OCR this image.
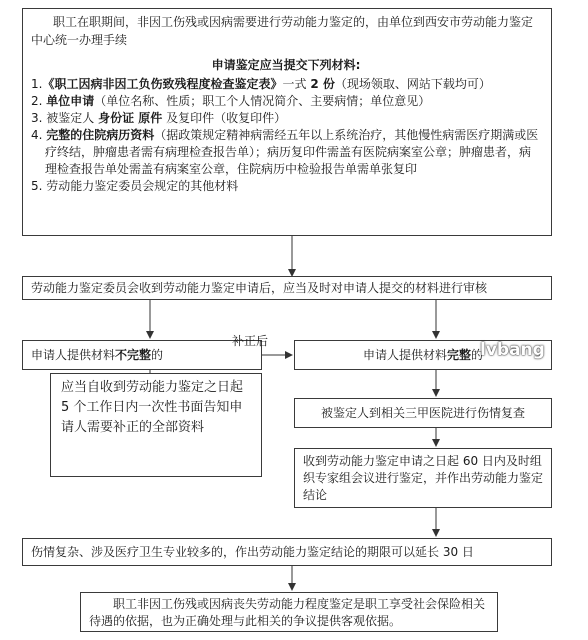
职工在职期间，非因工伤残或因病需要进行劳动能力鉴定的，由单位到西安市劳动能力鉴定中心统一办理手续
申请鉴定应当提交下列材料:
1.《职工因病非因工负伤致残程度检查鉴定表》一式 2 份（现场领取、网站下载均可）
2. 单位申请（单位名称、性质；职工个人情况简介、主要病情；单位意见）
3. 被鉴定人 身份证 原件 及复印件（收复印件）
4. 完整的住院病历资料（据政策规定精神病需经五年以上系统治疗，其他慢性病需医疗期满或医疗终结，肿瘤患者需有病理检查报告单）；病历复印件需盖有医院病案室公章；肿瘤患者，病理检查报告单处需盖有病案室公章，住院病历中检验报告单需单张复印
5. 劳动能力鉴定委员会规定的其他材料
劳动能力鉴定委员会收到劳动能力鉴定申请后，应当及时对申请人提交的材料进行审核
申请人提供材料不完整的
应当自收到劳动能力鉴定之日起 5 个工作日内一次性书面告知申请人需要补正的全部资料
补正后
申请人提供材料完整的
被鉴定人到相关三甲医院进行伤情复查
收到劳动能力鉴定申请之日起 60 日内及时组织专家组会议进行鉴定，并作出劳动能力鉴定结论
伤情复杂、涉及医疗卫生专业较多的，作出劳动能力鉴定结论的期限可以延长 30 日
职工非因工伤残或因病丧失劳动能力程度鉴定是职工享受社会保险相关待遇的依据，也为正确处理与此相关的争议提供客观依据。
lvbang
